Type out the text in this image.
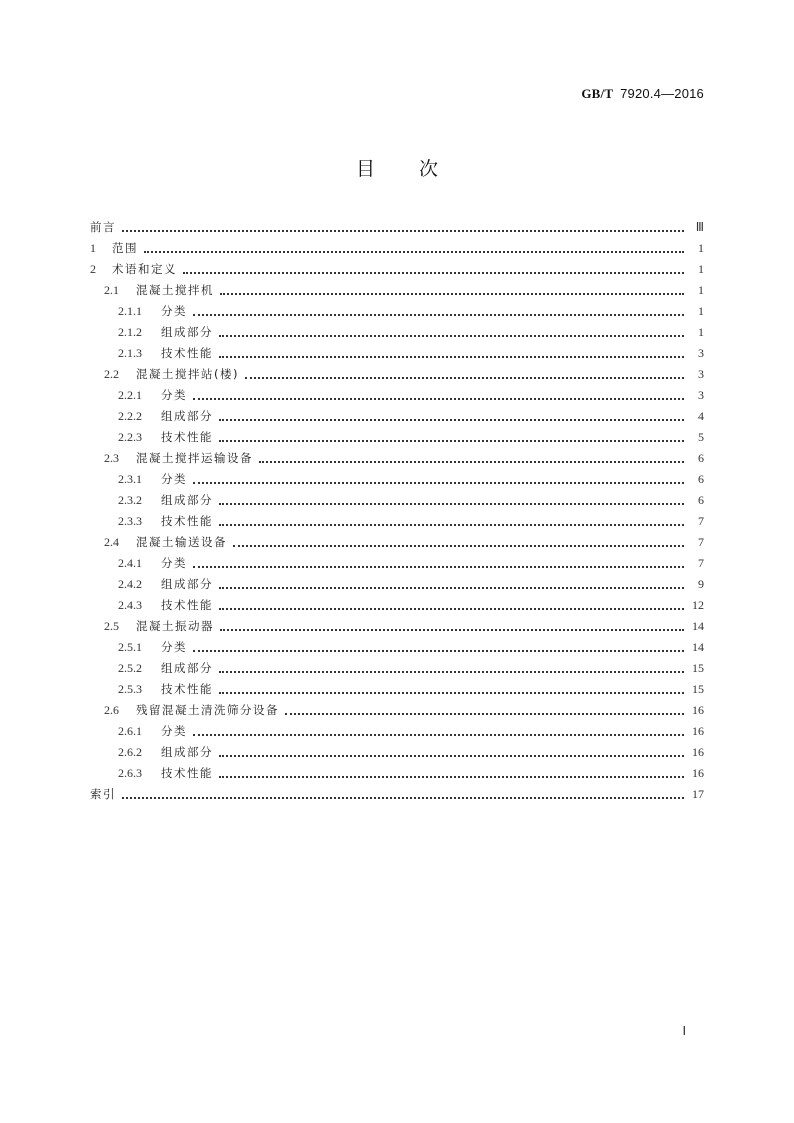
GB/T 7920.4—2016
目 次
前言	Ⅲ
1	范围	1
2	术语和定义	1
2.1	混凝土搅拌机	1
2.1.1	分类	1
2.1.2	组成部分	1
2.1.3	技术性能	3
2.2	混凝土搅拌站(楼)	3
2.2.1	分类	3
2.2.2	组成部分	4
2.2.3	技术性能	5
2.3	混凝土搅拌运输设备	6
2.3.1	分类	6
2.3.2	组成部分	6
2.3.3	技术性能	7
2.4	混凝土输送设备	7
2.4.1	分类	7
2.4.2	组成部分	9
2.4.3	技术性能	12
2.5	混凝土振动器	14
2.5.1	分类	14
2.5.2	组成部分	15
2.5.3	技术性能	15
2.6	残留混凝土清洗筛分设备	16
2.6.1	分类	16
2.6.2	组成部分	16
2.6.3	技术性能	16
索引	17
Ⅰ
